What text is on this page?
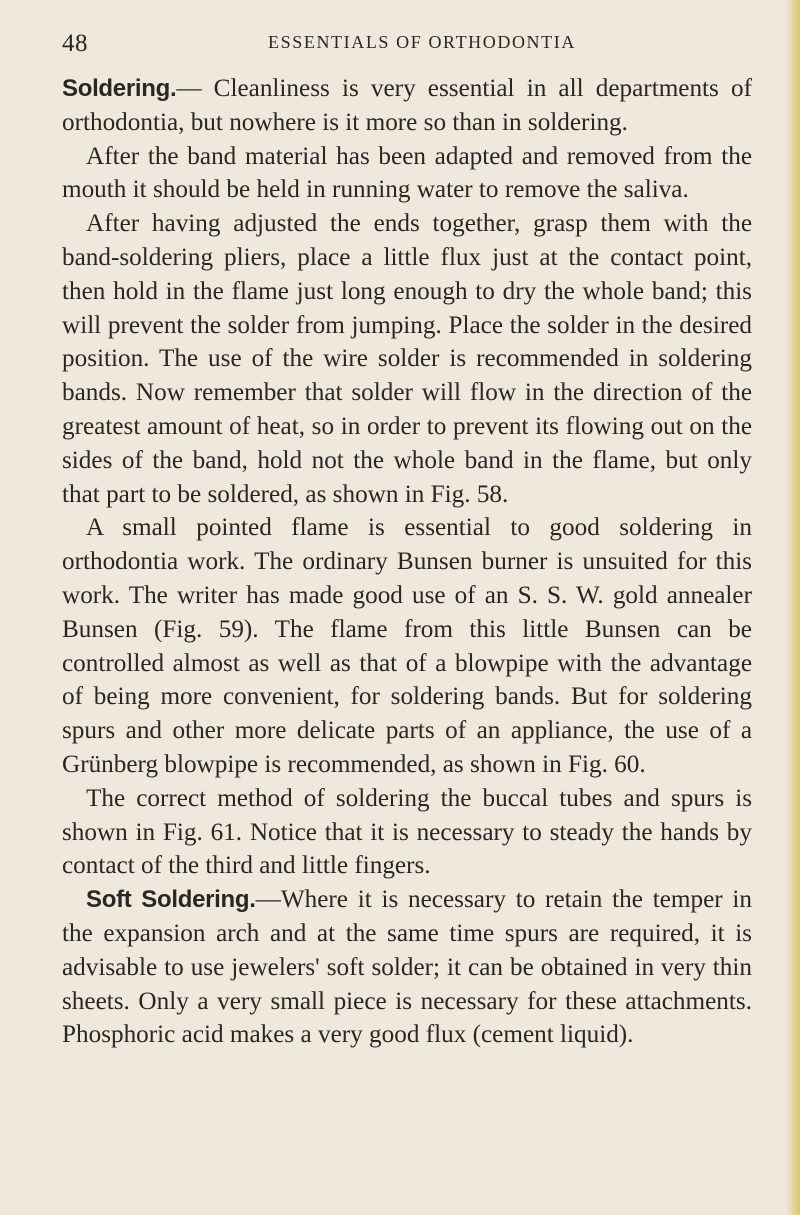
48	ESSENTIALS OF ORTHODONTIA

Soldering.— Cleanliness is very essential in all departments of orthodontia, but nowhere is it more so than in soldering.

After the band material has been adapted and removed from the mouth it should be held in running water to remove the saliva.

After having adjusted the ends together, grasp them with the band-soldering pliers, place a little flux just at the contact point, then hold in the flame just long enough to dry the whole band; this will prevent the solder from jumping. Place the solder in the desired position. The use of the wire solder is recommended in soldering bands. Now remember that solder will flow in the direction of the greatest amount of heat, so in order to prevent its flowing out on the sides of the band, hold not the whole band in the flame, but only that part to be soldered, as shown in Fig. 58.

A small pointed flame is essential to good soldering in orthodontia work. The ordinary Bunsen burner is unsuited for this work. The writer has made good use of an S. S. W. gold annealer Bunsen (Fig. 59). The flame from this little Bunsen can be controlled almost as well as that of a blowpipe with the advantage of being more convenient, for soldering bands. But for soldering spurs and other more delicate parts of an appliance, the use of a Grünberg blowpipe is recommended, as shown in Fig. 60.

The correct method of soldering the buccal tubes and spurs is shown in Fig. 61. Notice that it is necessary to steady the hands by contact of the third and little fingers.

Soft Soldering.—Where it is necessary to retain the temper in the expansion arch and at the same time spurs are required, it is advisable to use jewelers' soft solder; it can be obtained in very thin sheets. Only a very small piece is necessary for these attachments. Phosphoric acid makes a very good flux (cement liquid).
